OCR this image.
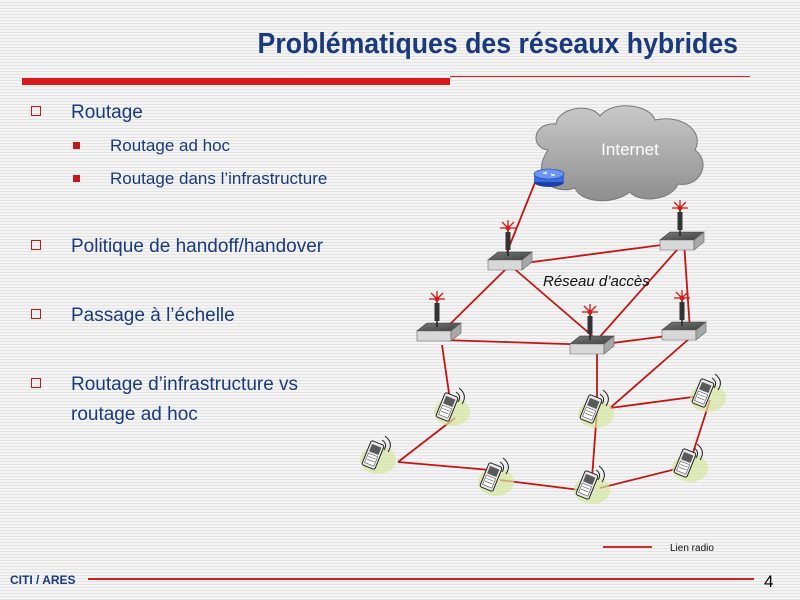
Problématiques des réseaux hybrides
Routage
Routage ad hoc
Routage dans l’infrastructure
Politique de handoff/handover
Passage à l’échelle
Routage d’infrastructure vs
routage ad hoc
Internet
Réseau d’accès
Lien radio
CITI / ARES	4
